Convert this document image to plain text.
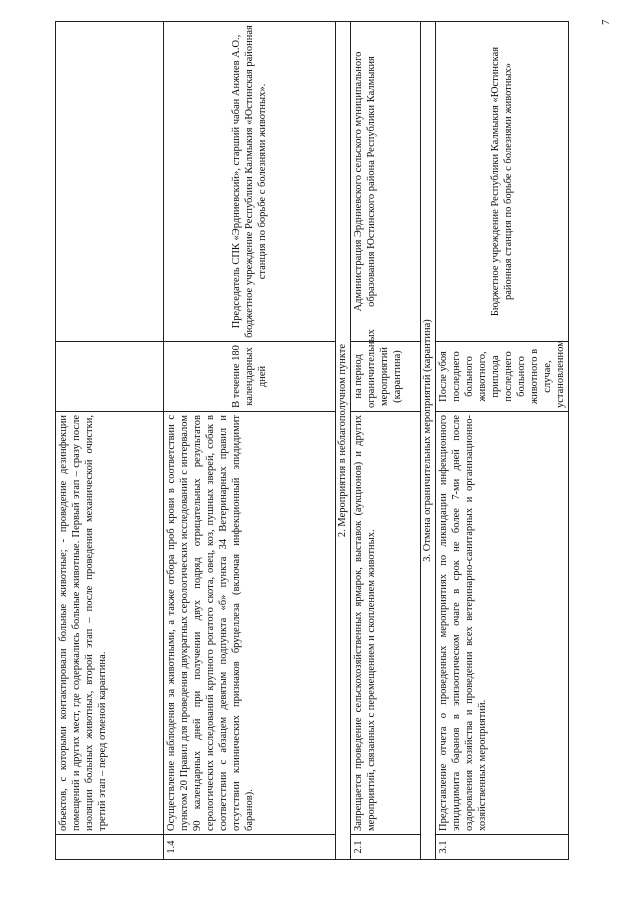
	объектов, с которыми контактировали больные животные; - проведение дезинфекции помещений и других мест, где содержались больные животные. Первый этап – сразу после изоляции больных животных, второй этап – после проведения механической очистки, третий этап – перед отменой карантина.		
1.4	Осуществление наблюдения за животными, а также отбора проб крови в соответствии с пунктом 20 Правил для проведения двукратных серологических исследований с интервалом 90 календарных дней при получении двух подряд отрицательных результатов серологических исследований крупного рогатого скота, овец, коз, пушных зверей, собак в соответствии с абзацем девятым подпункта «б» пункта 34 Ветеринарных правил и отсутствии клинических признаков бруцеллеза (включая инфекционный эпидидимит баранов).	В течение 180 календарных дней	Председатель СПК «Эрдниевский», старший чабан Анжиев А.О., бюджетное учреждение Республики Калмыкия «Юстинская районная станция по борьбе с болезнями животных».
2. Мероприятия в неблагополучном пункте			
2.1	Запрещается проведение сельскохозяйственных ярмарок, выставок (аукционов) и других мероприятий, связанных с перемещением и скоплением животных.	на период ограничительных мероприятий (карантина)	Администрация Эрдниевского сельского муниципального образования Юстинского района Республики Калмыкия
3. Отмена ограничительных мероприятий (карантина)			
3.1	Представление отчета о проведенных мероприятиях по ликвидации инфекционного эпидидимита баранов в эпизоотическом очаге в срок не более 7-ми дней после оздоровления хозяйства и проведении всех ветеринарно-санитарных и организационно-хозяйственных мероприятий.	После убоя последнего больного животного, приплода последнего больного животного в случае, установленном	Бюджетное учреждение Республики Калмыкия «Юстинская районная станция по борьбе с болезнями животных»
7
